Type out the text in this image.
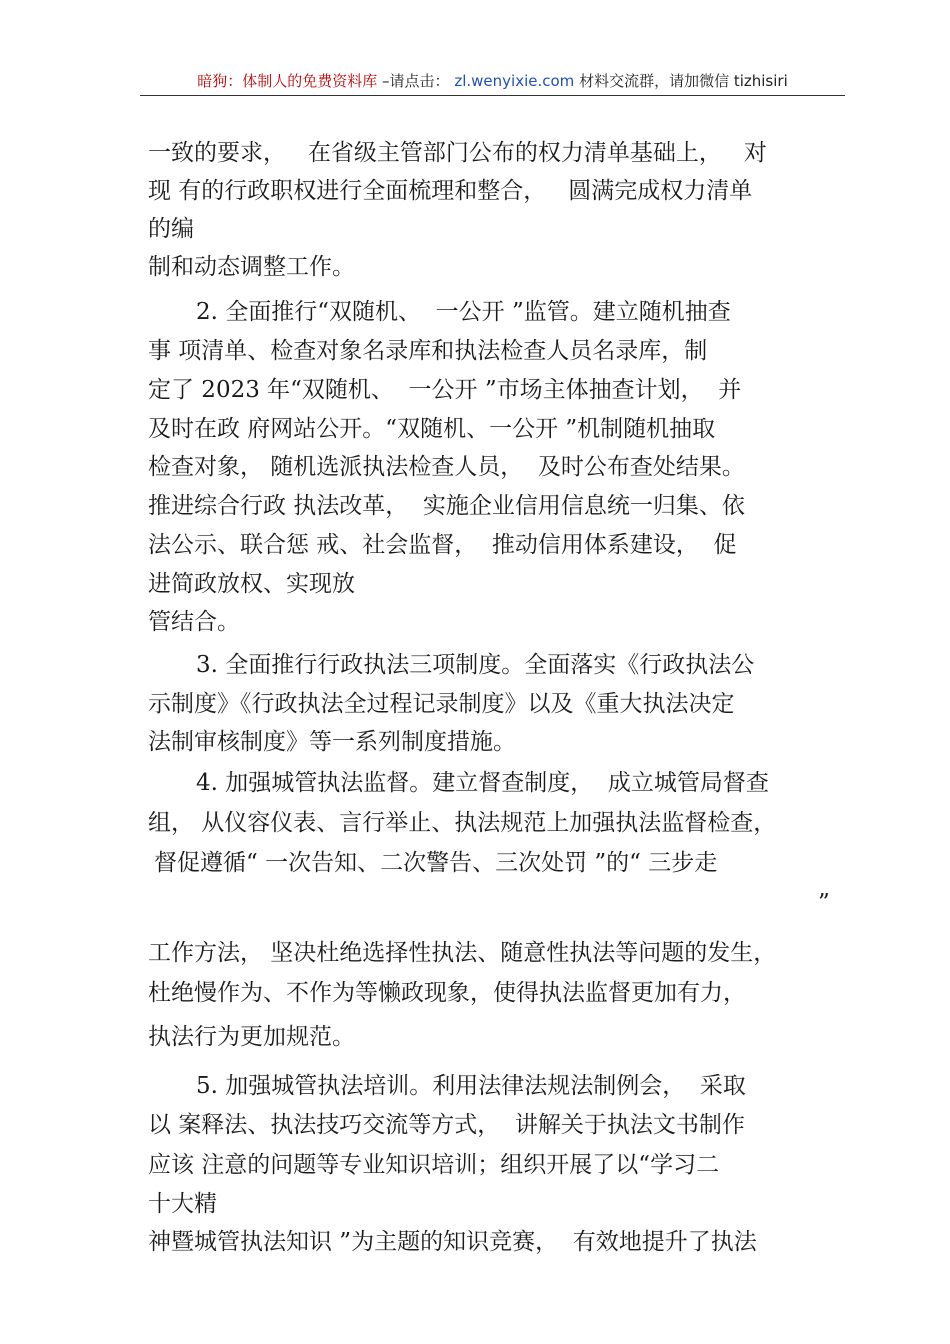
暗狗：体制人的免费资料库 –请点击： zl.wenyixie.com 材料交流群，请加微信 tizhisiri
一致的要求，   在省级主管部门公布的权力清单基础上，   对
现 有的行政职权进行全面梳理和整合，   圆满完成权力清单
的编
制和动态调整工作。
2. 全面推行“双随机、  一公开 ”监管。建立随机抽查
事 项清单、检查对象名录库和执法检查人员名录库，制
定了 2023 年“双随机、  一公开 ”市场主体抽查计划，  并
及时在政 府网站公开。“双随机、一公开 ”机制随机抽取
检查对象， 随机选派执法检查人员，  及时公布查处结果。
推进综合行政 执法改革，  实施企业信用信息统一归集、依
法公示、联合惩 戒、社会监督，  推动信用体系建设，  促
进简政放权、实现放
管结合。
3. 全面推行行政执法三项制度。全面落实《行政执法公
示制度》《行政执法全过程记录制度》以及《重大执法决定
法制审核制度》等一系列制度措施。
4. 加强城管执法监督。建立督查制度，  成立城管局督查
组， 从仪容仪表、言行举止、执法规范上加强执法监督检查，
督促遵循“ 一次告知、二次警告、三次处罚 ”的“ 三步走
”
工作方法， 坚决杜绝选择性执法、随意性执法等问题的发生，
杜绝慢作为、不作为等懒政现象，使得执法监督更加有力，
执法行为更加规范。
5. 加强城管执法培训。利用法律法规法制例会，  采取
以 案释法、执法技巧交流等方式，  讲解关于执法文书制作
应该 注意的问题等专业知识培训；组织开展了以“学习二
十大精
神暨城管执法知识 ”为主题的知识竞赛，  有效地提升了执法
